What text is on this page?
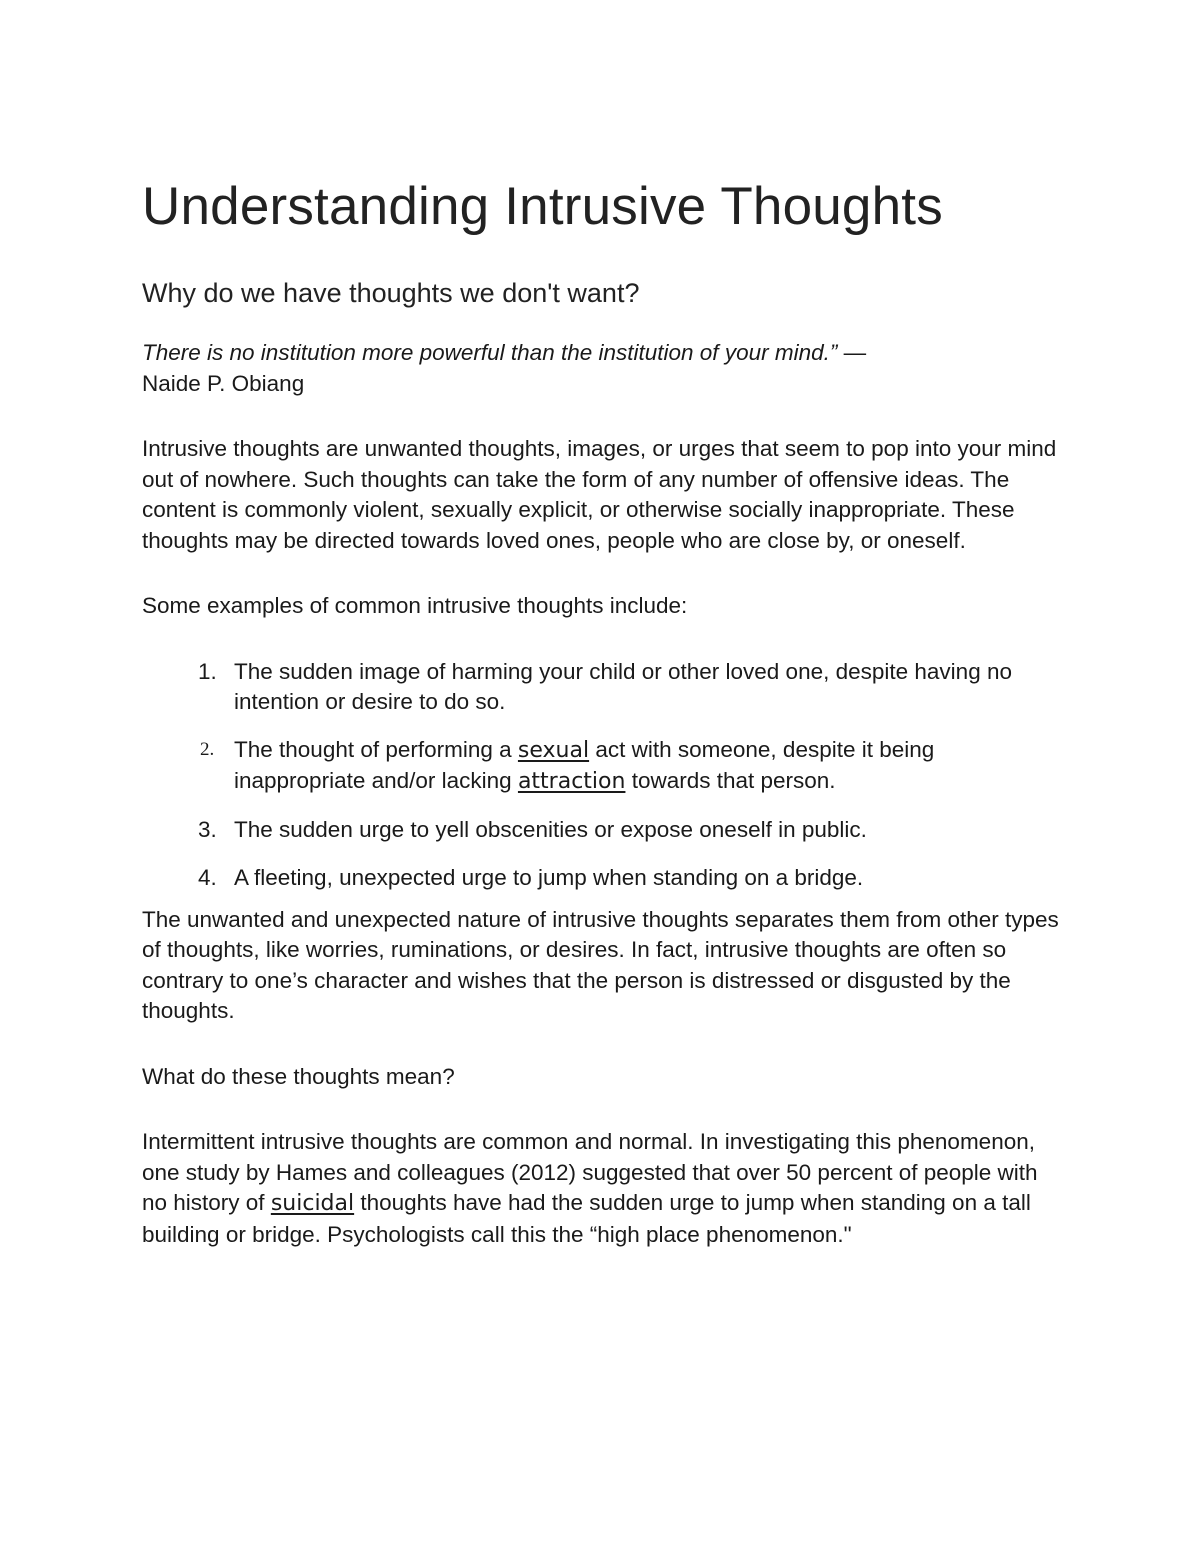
Understanding Intrusive Thoughts
Why do we have thoughts we don't want?

There is no institution more powerful than the institution of your mind.” —
Naide P. Obiang

Intrusive thoughts are unwanted thoughts, images, or urges that seem to pop into your mind out of nowhere. Such thoughts can take the form of any number of offensive ideas. The content is commonly violent, sexually explicit, or otherwise socially inappropriate. These thoughts may be directed towards loved ones, people who are close by, or oneself.

Some examples of common intrusive thoughts include:

1. The sudden image of harming your child or other loved one, despite having no intention or desire to do so.
2. The thought of performing a sexual act with someone, despite it being inappropriate and/or lacking attraction towards that person.
3. The sudden urge to yell obscenities or expose oneself in public.
4. A fleeting, unexpected urge to jump when standing on a bridge.

The unwanted and unexpected nature of intrusive thoughts separates them from other types of thoughts, like worries, ruminations, or desires. In fact, intrusive thoughts are often so contrary to one’s character and wishes that the person is distressed or disgusted by the thoughts.

What do these thoughts mean?

Intermittent intrusive thoughts are common and normal. In investigating this phenomenon, one study by Hames and colleagues (2012) suggested that over 50 percent of people with no history of suicidal thoughts have had the sudden urge to jump when standing on a tall building or bridge. Psychologists call this the “high place phenomenon."
